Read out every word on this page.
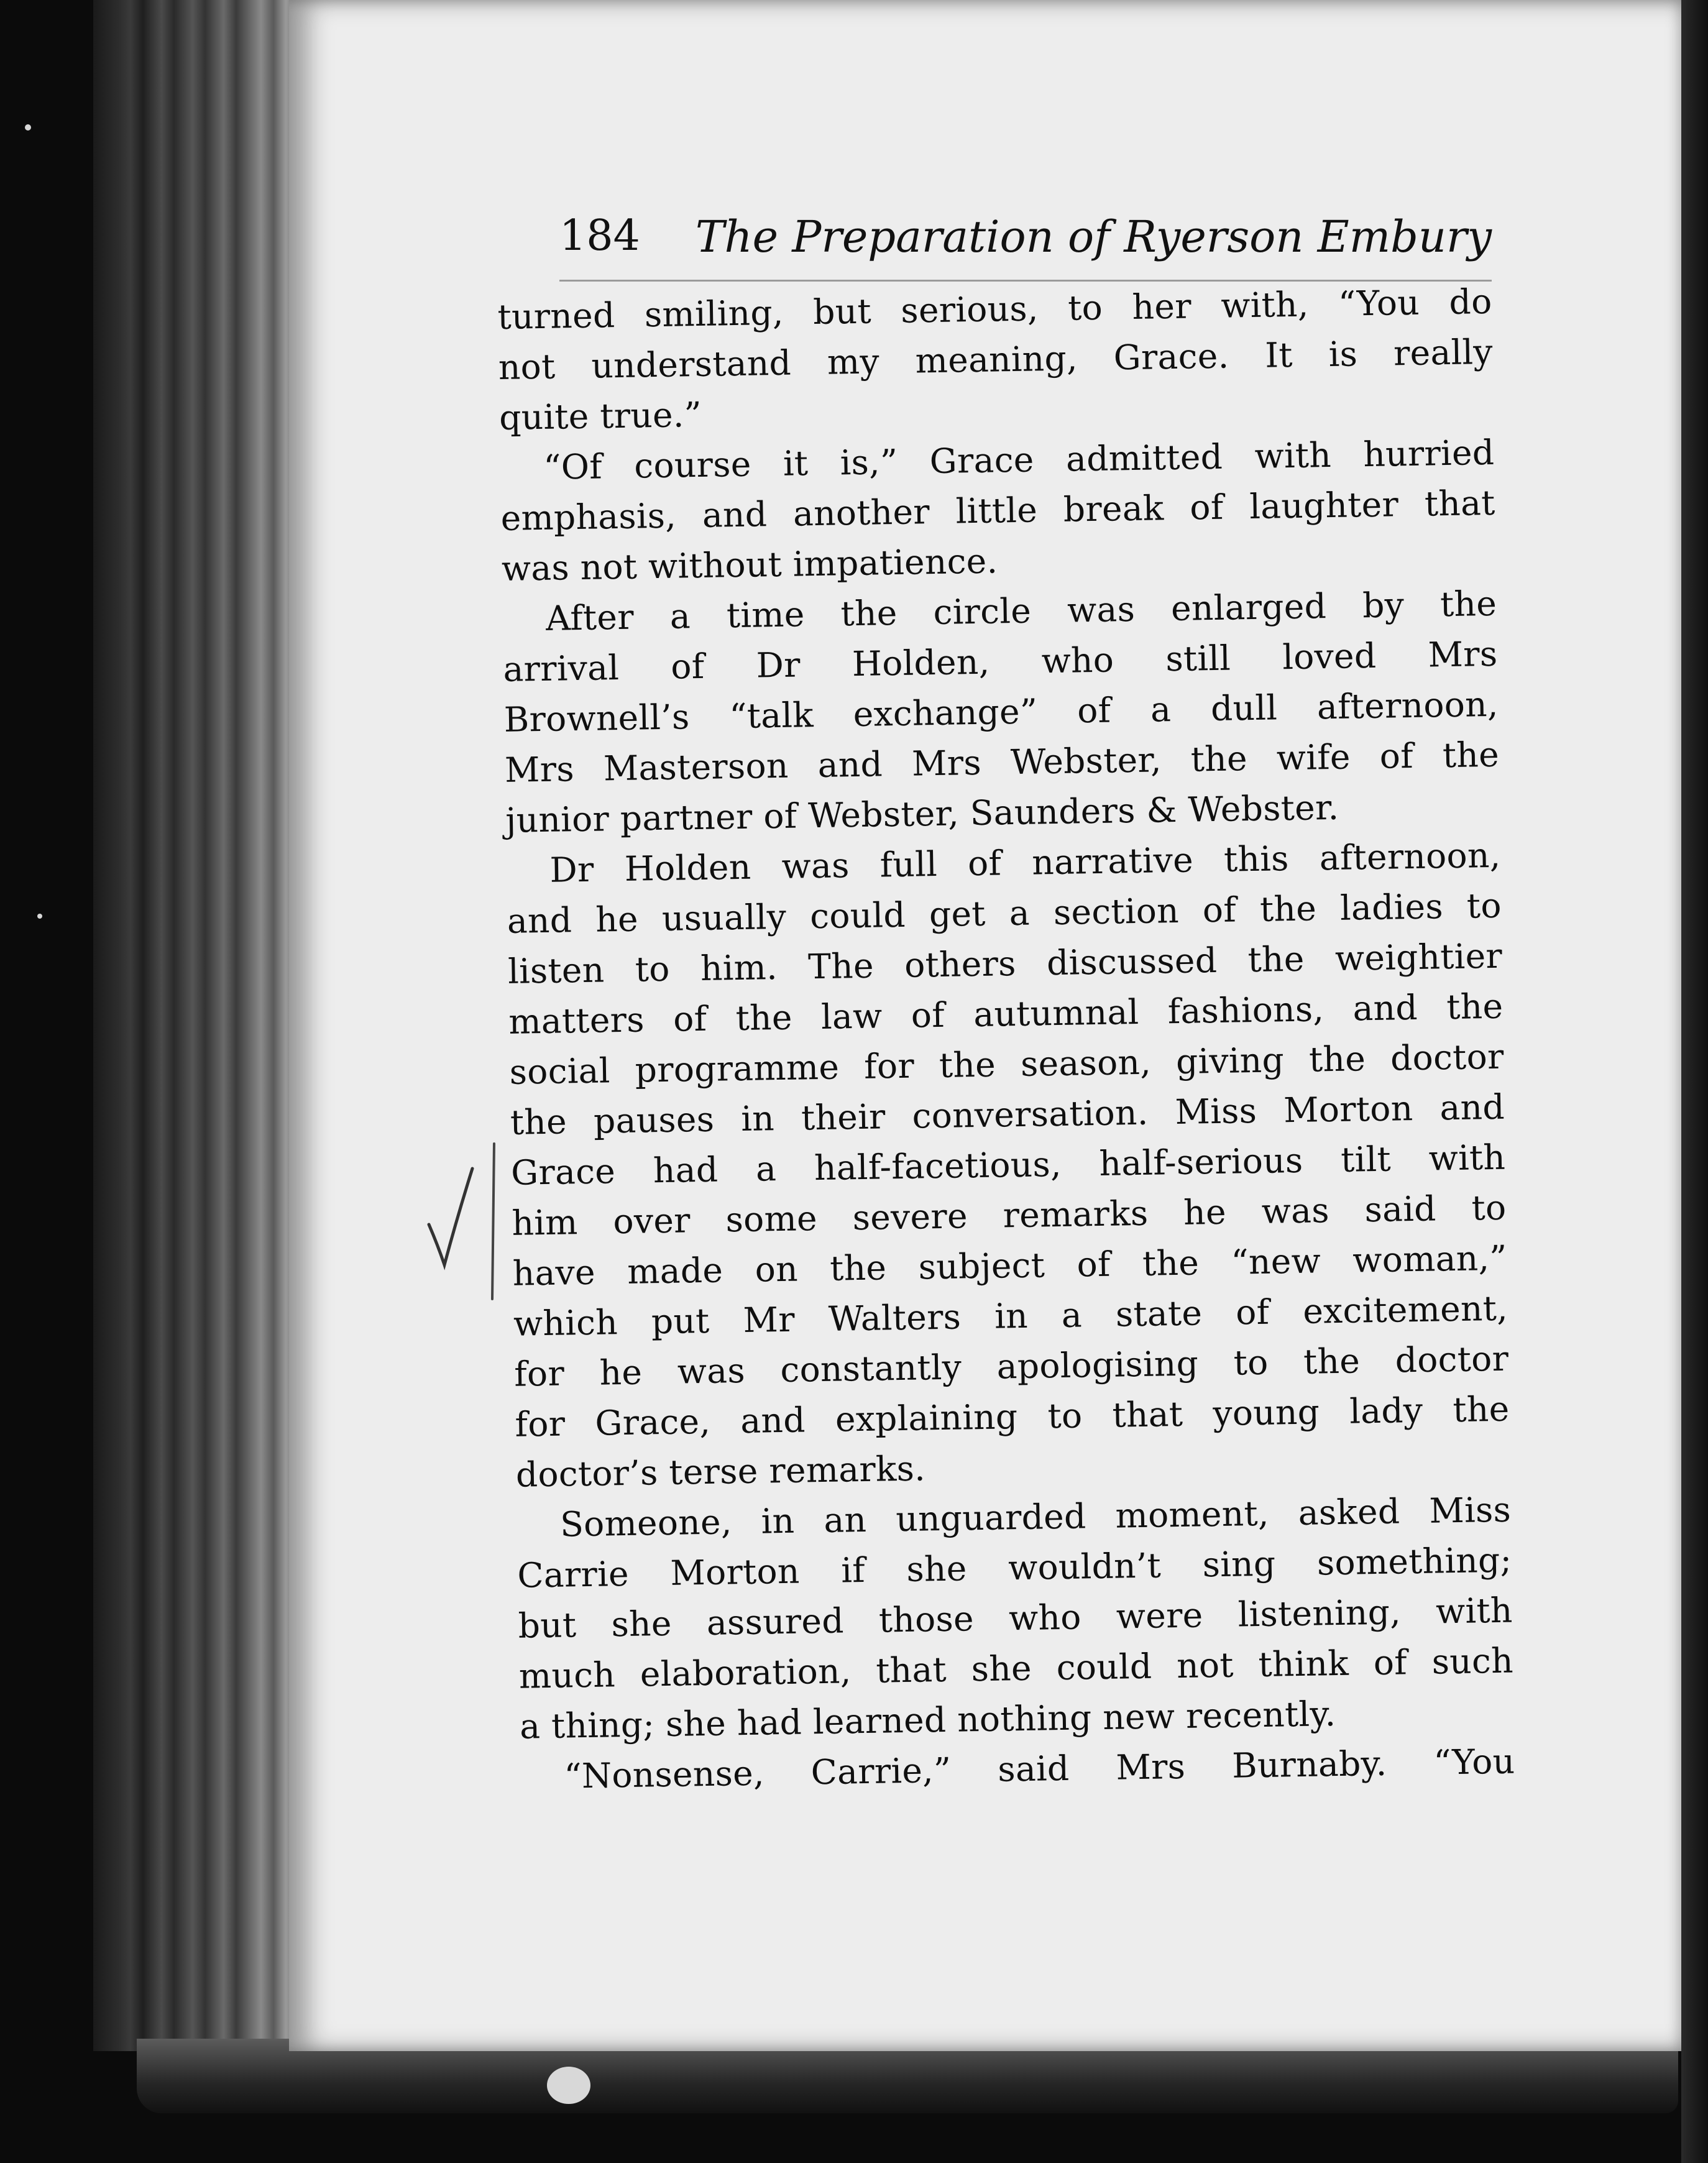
184 The Preparation of Ryerson Embury
turned smiling, but serious, to her with, “You do
not understand my meaning, Grace. It is really
quite true.”
“Of course it is,” Grace admitted with hurried
emphasis, and another little break of laughter that
was not without impatience.
After a time the circle was enlarged by the
arrival of Dr Holden, who still loved Mrs
Brownell’s “talk exchange” of a dull afternoon,
Mrs Masterson and Mrs Webster, the wife of the
junior partner of Webster, Saunders & Webster.
Dr Holden was full of narrative this afternoon,
and he usually could get a section of the ladies to
listen to him. The others discussed the weightier
matters of the law of autumnal fashions, and the
social programme for the season, giving the doctor
the pauses in their conversation. Miss Morton and
Grace had a half-facetious, half-serious tilt with
him over some severe remarks he was said to
have made on the subject of the “new woman,”
which put Mr Walters in a state of excitement,
for he was constantly apologising to the doctor
for Grace, and explaining to that young lady the
doctor’s terse remarks.
Someone, in an unguarded moment, asked Miss
Carrie Morton if she wouldn’t sing something;
but she assured those who were listening, with
much elaboration, that she could not think of such
a thing; she had learned nothing new recently.
“Nonsense, Carrie,” said Mrs Burnaby. “You
